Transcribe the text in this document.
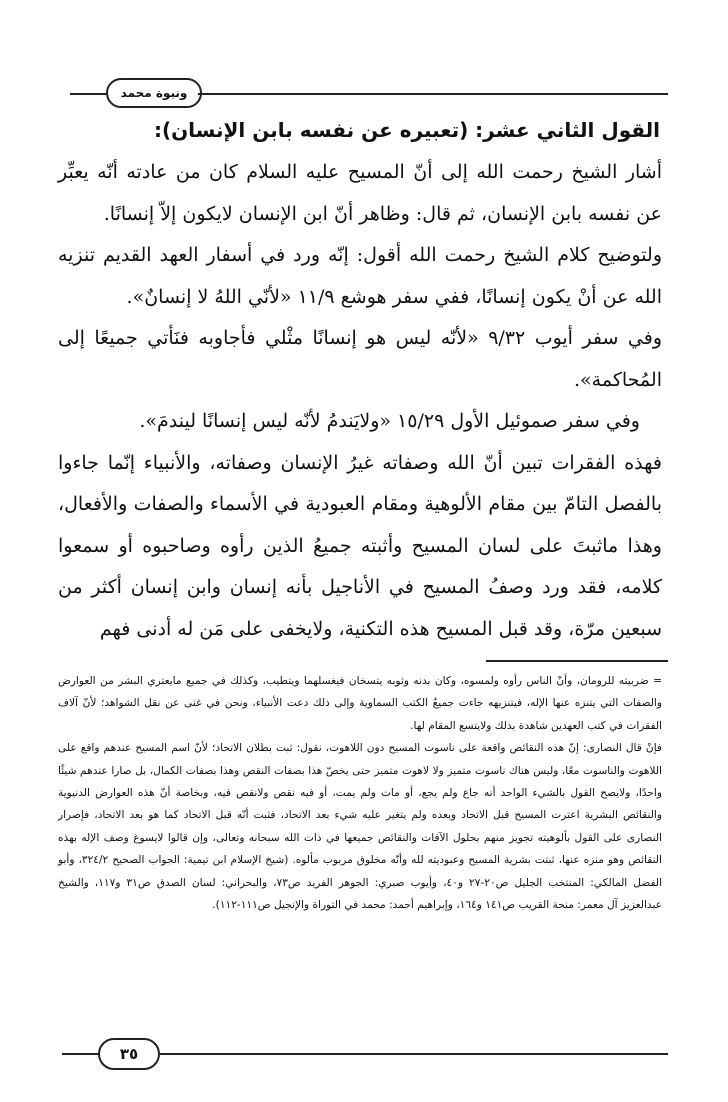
ونبوة محمد
القول الثاني عشر: (تعبيره عن نفسه بابن الإنسان):

أشار الشيخ رحمت الله إلى أنّ المسيح عليه السلام كان من عادته أنّه يعبِّر عن نفسه بابن الإنسان، ثم قال: وظاهر أنّ ابن الإنسان لايكون إلاّ إنسانًا.

ولتوضيح كلام الشيخ رحمت الله أقول: إنّه ورد في أسفار العهد القديم تنزيه الله عن أنْ يكون إنسانًا، ففي سفر هوشع ١١/٩ «لأنّي اللهُ لا إنسانٌ».

وفي سفر أيوب ٩/٣٢ «لأنّه ليس هو إنسانًا مثْلي فأجاوبه فنَأتي جميعًا إلى المُحاكمة».

وفي سفر صموئيل الأول ١٥/٢٩ «ولايَندمُ لأنّه ليس إنسانًا ليندمَ».

فهذه الفقرات تبين أنّ الله وصفاته غيرُ الإنسان وصفاته، والأنبياء إنّما جاءوا بالفصل التامّ بين مقام الألوهية ومقام العبودية في الأسماء والصفات والأفعال، وهذا ماثبتَ على لسان المسيح وأثبته جميعُ الذين رأوه وصاحبوه أو سمعوا كلامه، فقد ورد وصفُ المسيح في الأناجيل بأنه إنسان وابن إنسان أكثر من سبعين مرّة، وقد قبل المسيح هذه التكنية، ولايخفى على مَن له أدنى فهم

= ضربيته للرومان، وأنّ الناس رأوه ولمسوه، وكان بدنه وثوبه يتسخان فيغسلهما ويتطيب، وكذلك في جميع مايعتري البشر من العوارض والصفات التي يتنزه عنها الإله، فيتنزيهه جاءت جميعُ الكتب السماوية وإلى ذلك دعت الأنبياء، ونحن في غنى عن نقل الشواهد؛ لأنّ آلاف الفقرات في كتب العهدين شاهدة بذلك ولايتسع المقام لها.

فإنْ قال النصارى: إنّ هذه النقائص واقعة على ناسوت المسيح دون اللاهوت، نقول: ثبت بطلان الاتحاد؛ لأنّ اسم المسيح عندهم واقع على اللاهوت والناسوت معًا، وليس هناك ناسوت متميز ولا لاهوت متميز حتى يخصّ هذا بصفات النقص وهذا بصفات الكمال، بل صارا عندهم شيئًا واحدًا، ولايصح القول بالشيء الواحد أنه جاع ولم يجع، أو مات ولم يمت، أو فيه نقص ولانقص فيه، وبخاصة أنّ هذه العوارض الدنيوية والنقائص البشرية اعترت المسيح قبل الاتحاد وبعده ولم يتغير عليه شيء بعد الاتحاد، فثبت أنّه قبل الاتحاد كما هو بعد الاتحاد، فإصرار النصارى على القول بألوهيته تجويز منهم بحلول الآفات والنقائص جميعها في ذات الله سبحانه وتعالى، وإن قالوا لايسوغ وصف الإله بهذه النقائص وهو منزه عنها، ثبتت بشرية المسيح وعبوديته لله وأنّه مخلوق مربوب مألوه. (شيخ الإسلام ابن تيمية: الجواب الصحيح ٣٢٤/٢، وأبو الفضل المالكي: المنتخب الجليل ص٢٠-٢٧ و٤٠، وأيوب صبري: الجوهر الفريد ص٧٣، والبحراني: لسان الصدق ص٣١ و١١٧، والشيخ عبدالعزيز آل معمر: منحة القريب ص١٤١ و١٦٤، وإبراهيم أحمد: محمد في التوراة والإنجيل ص١١١-١١٢).

٣٥
